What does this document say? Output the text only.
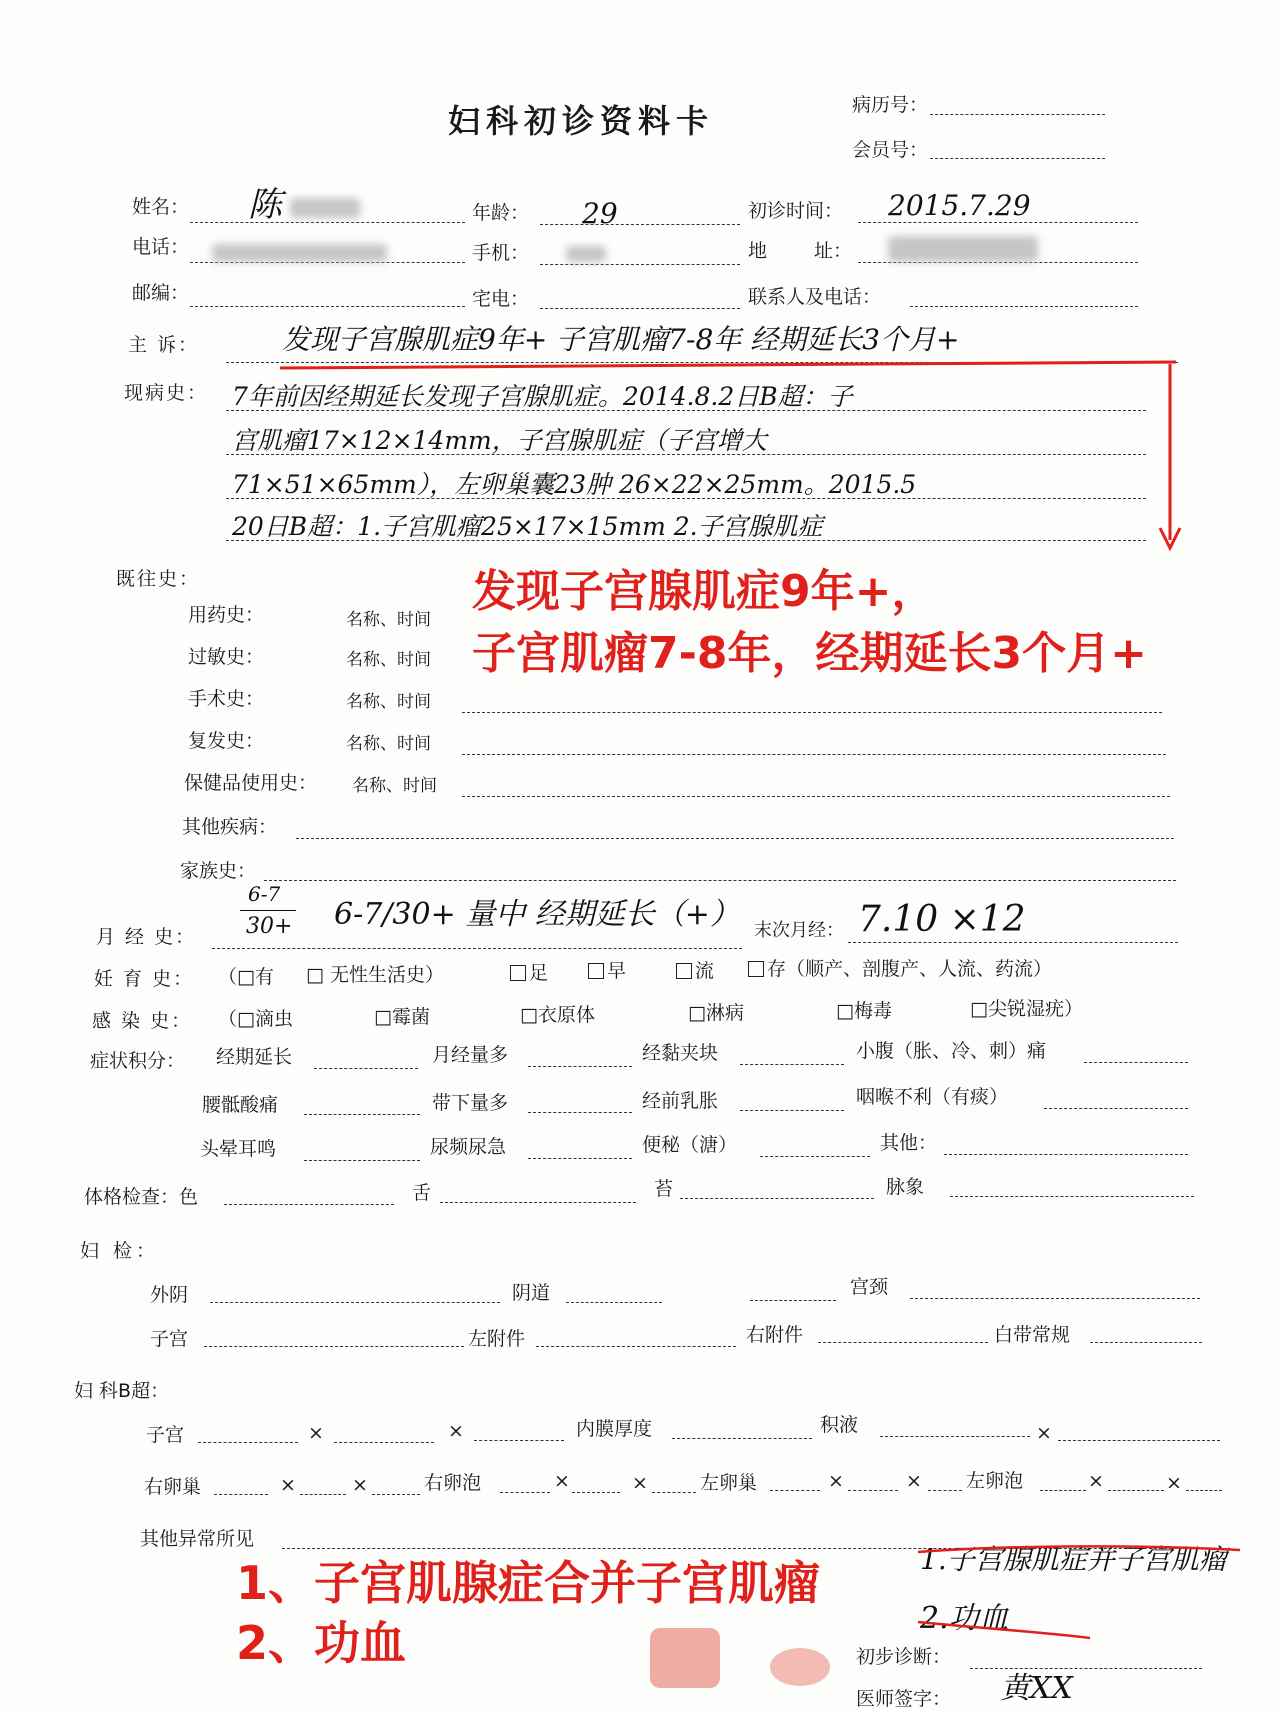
妇科初诊资料卡	病历号：
会员号：
姓名： 陈	年龄： 29	初诊时间： 2015.7.29
电话：	手机：	地 址：
邮编：	宅电：	联系人及电话：
主 诉：	发现子宫腺肌症9年+ 子宫肌瘤7-8年 经期延长3个月+
现病史： 7年前因经期延长发现子宫腺肌症。2014.8.2日B超：子
宫肌瘤17×12×14mm，子宫腺肌症（子宫增大
71×51×65mm），左卵巢囊23肿 26×22×25mm。2015.5
20日B超：1.子宫肌瘤25×17×15mm 2.子宫腺肌症
发现子宫腺肌症9年+，
子宫肌瘤7-8年，经期延长3个月+
既往史：
用药史：	名称、时间
过敏史：	名称、时间
手术史：	名称、时间
复发史：	名称、时间
保健品使用史： 名称、时间
其他疾病：
家族史：
月 经 史：
6-7
30+ 6-7/30+ 量中 经期延长（+） 末次月经： 7.10 ×12
妊 育 史： （□有 □ 无性生活史）	足	早	流	存（顺产、剖腹产、人流、药流）
感 染 史： （□滴虫	□霉菌	□衣原体	□淋病	□梅毒	□尖锐湿疣）
症状积分： 经期延长	月经量多	经黏夹块	小腹（胀、冷、刺）痛
腰骶酸痛	带下量多	经前乳胀	咽喉不利（有痰）
头晕耳鸣	尿频尿急	便秘（溏）	其他：
体格检查：色	舌	苔	脉象
妇 检：
外阴	阴道	宫颈
子宫	左附件	右附件	白带常规
妇 科B超：
子宫	×	×	内膜厚度	积液	×
右卵巢	×	×	右卵泡	×	×	左卵巢	×	× 左卵泡	×	×
其他异常所见
1、子宫肌腺症合并子宫肌瘤
2、功血
1.子宫腺肌症并子宫肌瘤
2.功血
初步诊断：
医师签字： 黄XX
